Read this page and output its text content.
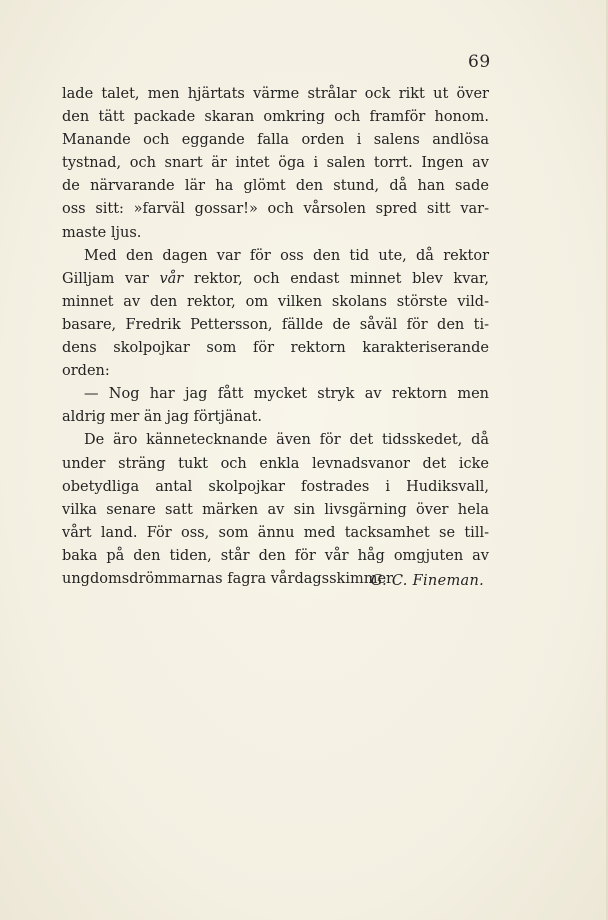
69
lade talet, men hjärtats värme strålar ock rikt ut över
den tätt packade skaran omkring och framför honom.
Manande och eggande falla orden i salens andlösa
tystnad, och snart är intet öga i salen torrt. Ingen av
de närvarande lär ha glömt den stund, då han sade
oss sitt: »farväl gossar!» och vårsolen spred sitt var-
maste ljus.
Med den dagen var för oss den tid ute, då rektor
Gilljam var vår rektor, och endast minnet blev kvar,
minnet av den rektor, om vilken skolans störste vild-
basare, Fredrik Pettersson, fällde de såväl för den ti-
dens skolpojkar som för rektorn karakteriserande
orden:
— Nog har jag fått mycket stryk av rektorn men
aldrig mer än jag förtjänat.
De äro kännetecknande även för det tidsskedet, då
under sträng tukt och enkla levnadsvanor det icke
obetydliga antal skolpojkar fostrades i Hudiksvall,
vilka senare satt märken av sin livsgärning över hela
vårt land. För oss, som ännu med tacksamhet se till-
baka på den tiden, står den för vår håg omgjuten av
ungdomsdrömmarnas fagra vårdagsskimmer.
G. C. Fineman.
